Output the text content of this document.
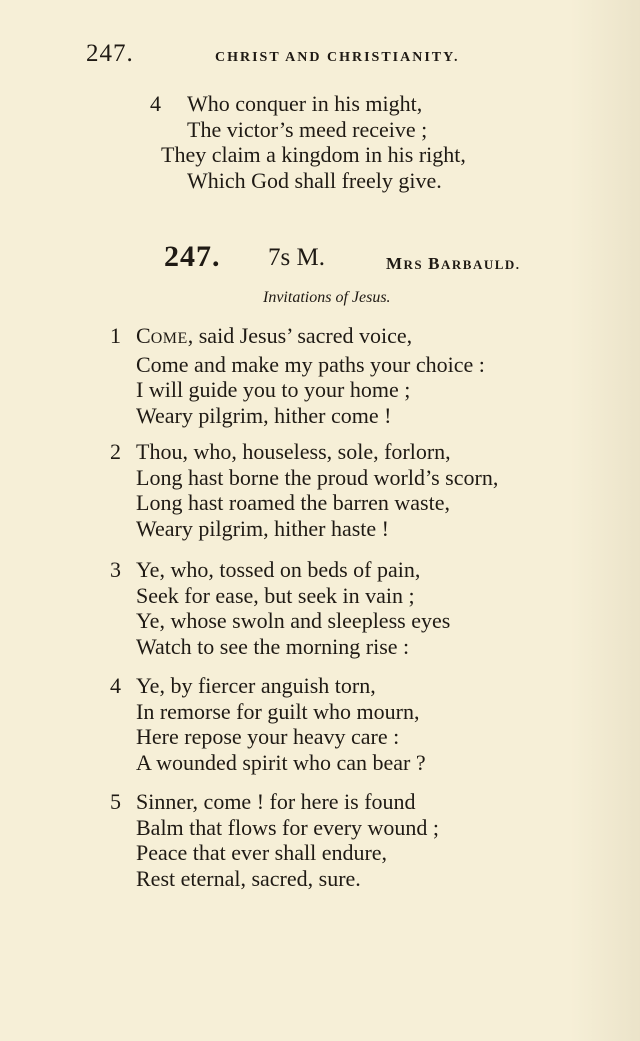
247.	CHRIST AND CHRISTIANITY.
4 Who conquer in his might,
The victor’s meed receive ;
They claim a kingdom in his right,
Which God shall freely give.
247. 7s M.	MRS BARBAULD.
Invitations of Jesus.
1 COME, said Jesus’ sacred voice,
Come and make my paths your choice :
I will guide you to your home ;
Weary pilgrim, hither come !
2 Thou, who, houseless, sole, forlorn,
Long hast borne the proud world’s scorn,
Long hast roamed the barren waste,
Weary pilgrim, hither haste !
3 Ye, who, tossed on beds of pain,
Seek for ease, but seek in vain ;
Ye, whose swoln and sleepless eyes
Watch to see the morning rise :
4 Ye, by fiercer anguish torn,
In remorse for guilt who mourn,
Here repose your heavy care :
A wounded spirit who can bear ?
5 Sinner, come ! for here is found
Balm that flows for every wound ;
Peace that ever shall endure,
Rest eternal, sacred, sure.
